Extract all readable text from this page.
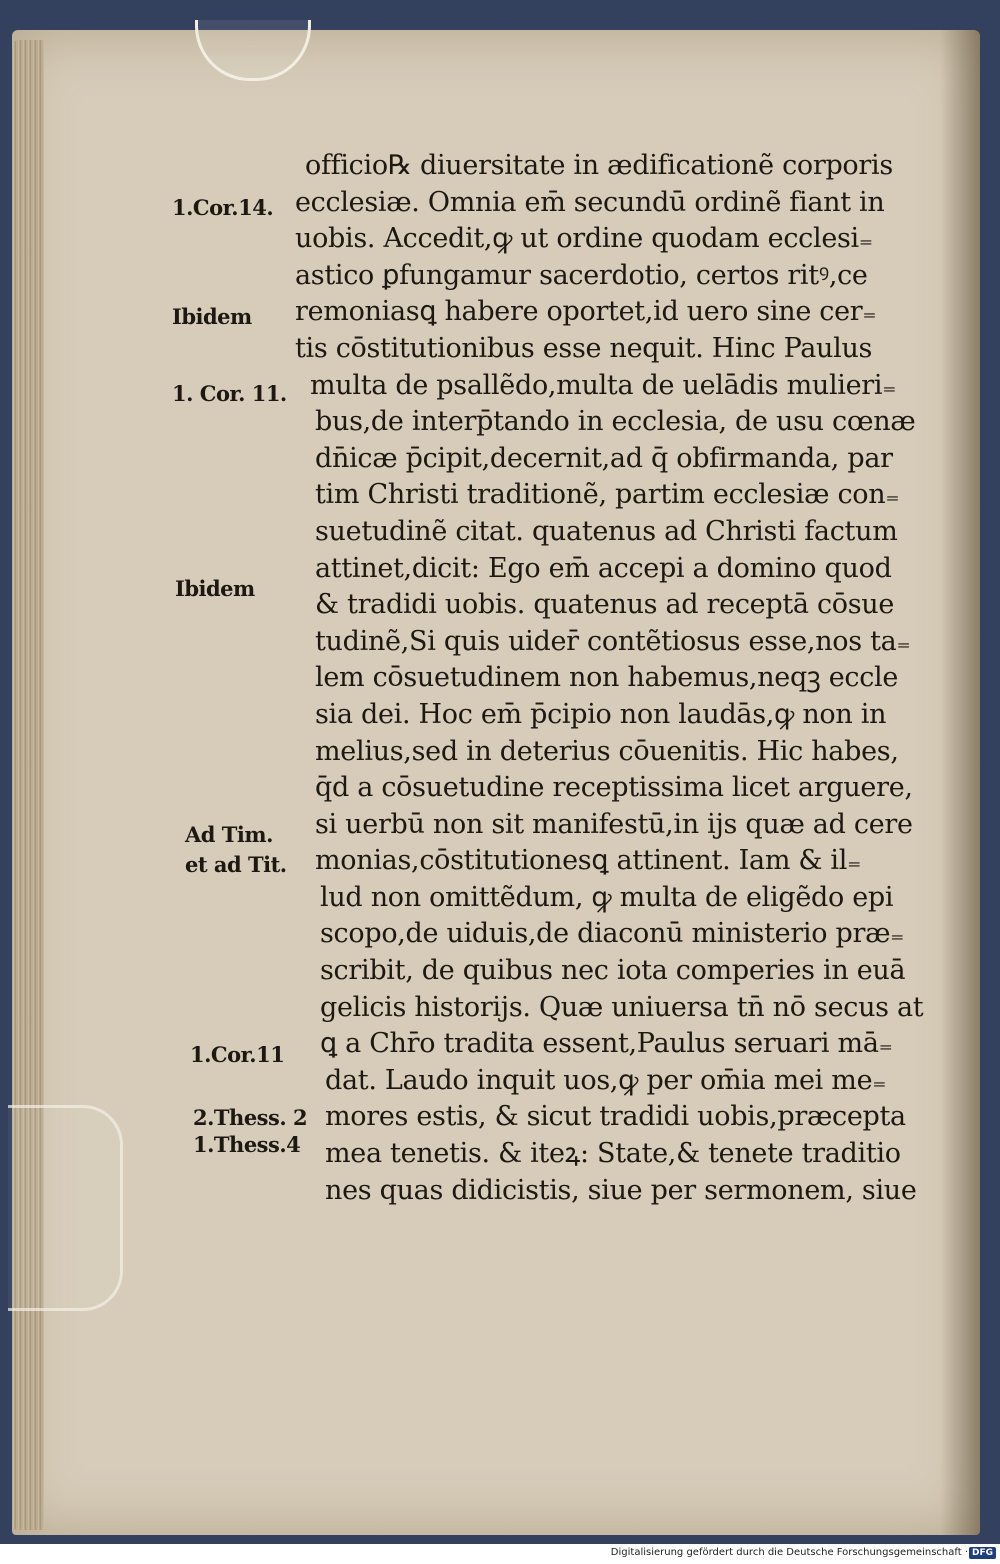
officio℞ diuersitate in ædificationẽ corporis
ecclesiæ. Omnia em̄ secundū ordinẽ fiant in
uobis. Accedit,ꝙ ut ordine quodam ecclesi₌
astico ꝑfungamur sacerdotio, certos ritꝰ,ce
remoniasꝗ habere oportet,id uero sine cer₌
tis cōstitutionibus esse nequit. Hinc Paulus
multa de psallẽdo,multa de uelādis mulieri₌
bus,de interp̄tando in ecclesia, de usu cœnæ
dn̄icæ p̄cipit,decernit,ad q̄ obfirmanda, par
tim Christi traditionẽ, partim ecclesiæ con₌
suetudinẽ citat. quatenus ad Christi factum
attinet,dicit: Ego em̄ accepi a domino quod
& tradidi uobis. quatenus ad receptā cōsue
tudinẽ,Si quis uider̄ contẽtiosus esse,nos ta₌
lem cōsuetudinem non habemus,neqꝫ eccle
sia dei. Hoc em̄ p̄cipio non laudās,ꝙ non in
melius,sed in deterius cōuenitis. Hic habes,
q̄d a cōsuetudine receptissima licet arguere,
si uerbū non sit manifestū,in ijs quæ ad cere
monias,cōstitutionesꝗ attinent. Iam & il₌
lud non omittẽdum, ꝙ multa de eligẽdo epi
scopo,de uiduis,de diaconū ministerio præ₌
scribit, de quibus nec iota comperies in euā
gelicis historijs. Quæ uniuersa tn̄ nō secus at
ꝗ a Chr̄o tradita essent,Paulus seruari mā₌
dat. Laudo inquit uos,ꝙ per om̄ia mei me₌
mores estis, & sicut tradidi uobis,præcepta
mea tenetis. & iteꝝ: State,& tenete traditio
nes quas didicistis, siue per sermonem, siue
1.Cor.14.
Ibidem
1. Cor. 11.
Ibidem
Ad Tim.
et ad Tit.
1.Cor.11
2.Thess. 2
1.Thess.4
Digitalisierung gefördert durch die Deutsche Forschungsgemeinschaft · DFG
